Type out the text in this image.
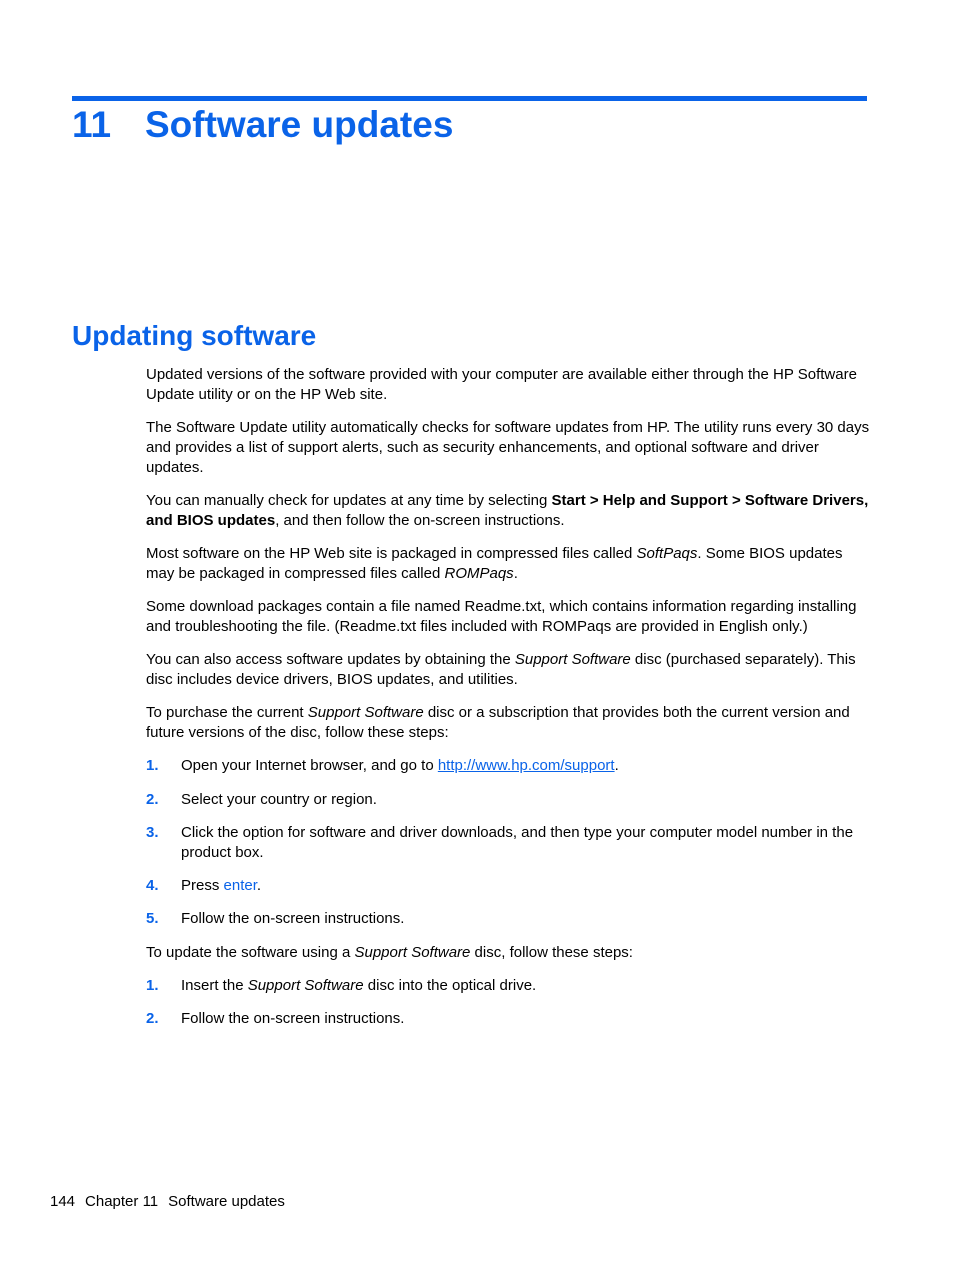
11 Software updates
Updating software

Updated versions of the software provided with your computer are available either through the HP Software Update utility or on the HP Web site.

The Software Update utility automatically checks for software updates from HP. The utility runs every 30 days and provides a list of support alerts, such as security enhancements, and optional software and driver updates.

You can manually check for updates at any time by selecting Start > Help and Support > Software Drivers, and BIOS updates, and then follow the on-screen instructions.

Most software on the HP Web site is packaged in compressed files called SoftPaqs. Some BIOS updates may be packaged in compressed files called ROMPaqs.

Some download packages contain a file named Readme.txt, which contains information regarding installing and troubleshooting the file. (Readme.txt files included with ROMPaqs are provided in English only.)

You can also access software updates by obtaining the Support Software disc (purchased separately). This disc includes device drivers, BIOS updates, and utilities.

To purchase the current Support Software disc or a subscription that provides both the current version and future versions of the disc, follow these steps:

1. Open your Internet browser, and go to http://www.hp.com/support.
2. Select your country or region.
3. Click the option for software and driver downloads, and then type your computer model number in the product box.
4. Press enter.
5. Follow the on-screen instructions.

To update the software using a Support Software disc, follow these steps:

1. Insert the Support Software disc into the optical drive.
2. Follow the on-screen instructions.
144 Chapter 11 Software updates
